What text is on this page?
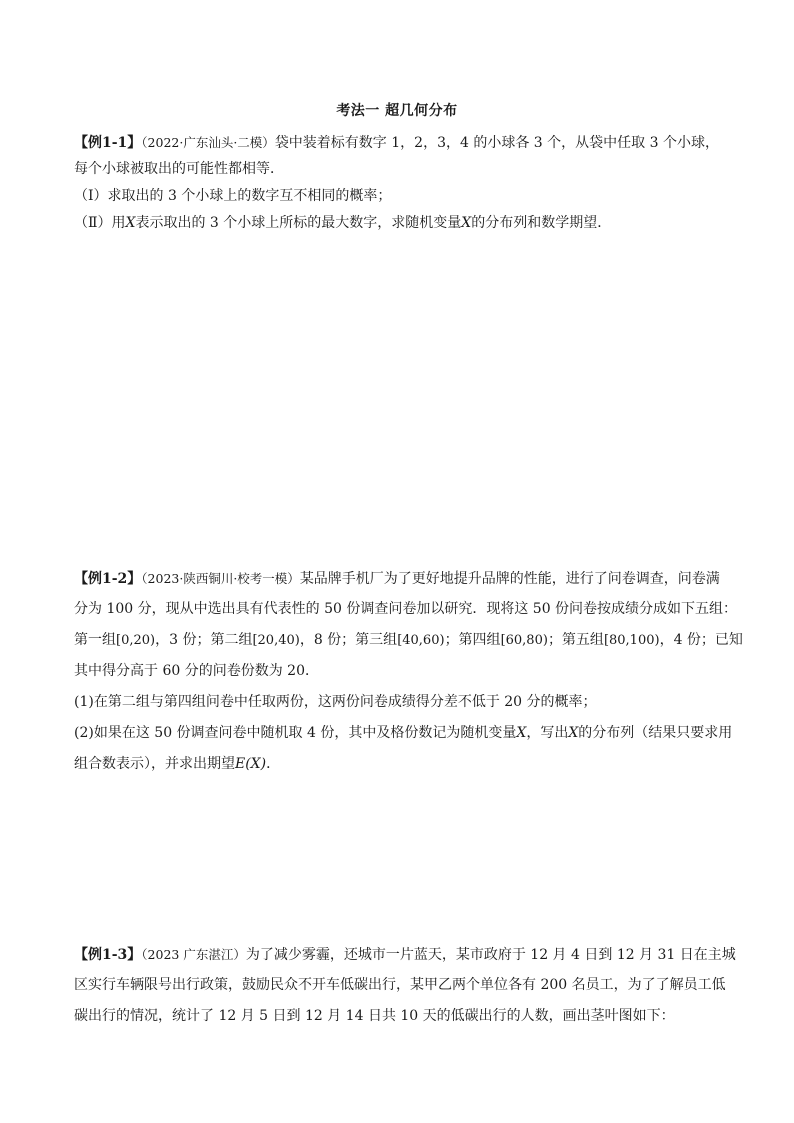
考法一 超几何分布
【例1-1】（2022·广东汕头·二模）袋中装着标有数字 1，2，3，4 的小球各 3 个，从袋中任取 3 个小球，
每个小球被取出的可能性都相等．
（Ⅰ）求取出的 3 个小球上的数字互不相同的概率；
（Ⅱ）用X表示取出的 3 个小球上所标的最大数字，求随机变量X的分布列和数学期望．
【例1-2】（2023·陕西铜川·校考一模）某品牌手机厂为了更好地提升品牌的性能，进行了问卷调查，问卷满
分为 100 分，现从中选出具有代表性的 50 份调查问卷加以研究．现将这 50 份问卷按成绩分成如下五组：
第一组[0,20)，3 份；第二组[20,40)，8 份；第三组[40,60)；第四组[60,80)；第五组[80,100)，4 份；已知
其中得分高于 60 分的问卷份数为 20．
(1)在第二组与第四组问卷中任取两份，这两份问卷成绩得分差不低于 20 分的概率；
(2)如果在这 50 份调查问卷中随机取 4 份，其中及格份数记为随机变量X，写出X的分布列（结果只要求用
组合数表示），并求出期望E(X)．
【例1-3】（2023 广东湛江）为了减少雾霾，还城市一片蓝天，某市政府于 12 月 4 日到 12 月 31 日在主城
区实行车辆限号出行政策，鼓励民众不开车低碳出行，某甲乙两个单位各有 200 名员工，为了了解员工低
碳出行的情况，统计了 12 月 5 日到 12 月 14 日共 10 天的低碳出行的人数，画出茎叶图如下：
